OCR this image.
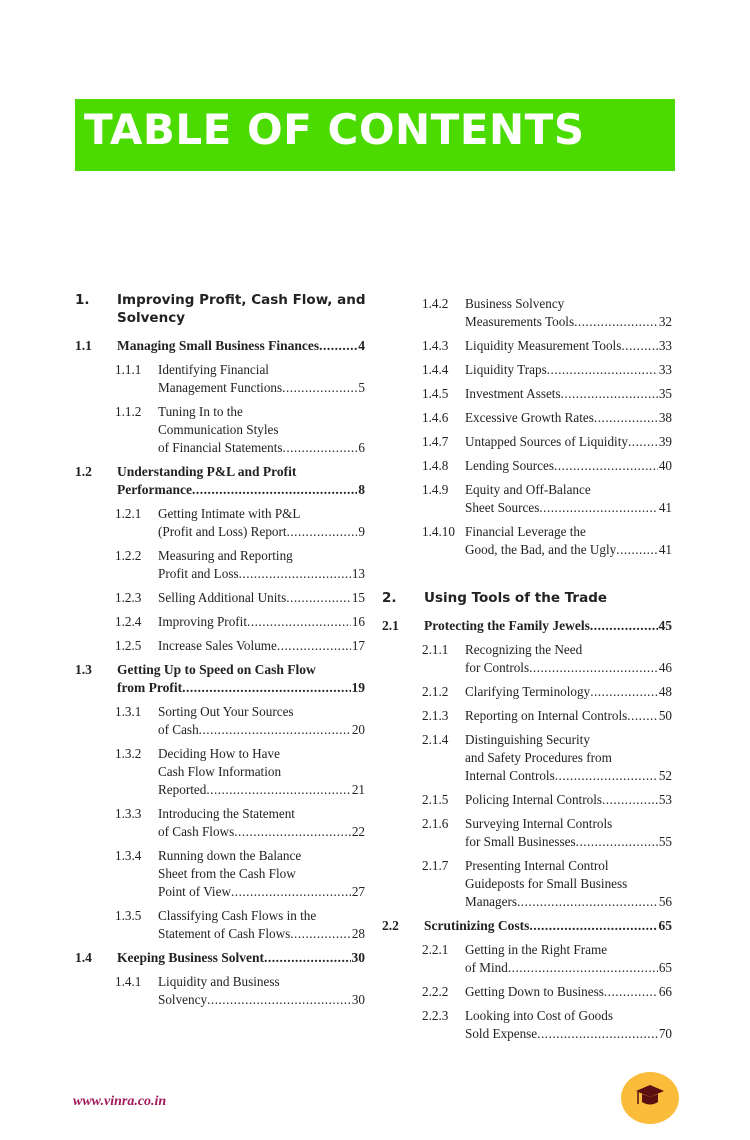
TABLE OF CONTENTS
1.	Improving Profit, Cash Flow, and
Solvency
1.1	Managing Small Business Finances .....	4
1.1.1	Identifying Financial
Management Functions .....	5
1.1.2	Tuning In to the
Communication Styles
of Financial Statements .....	6
1.2	Understanding P&L and Profit
Performance .....	8
1.2.1	Getting Intimate with P&L
(Profit and Loss) Report .....	9
1.2.2	Measuring and Reporting
Profit and Loss .....	13
1.2.3	Selling Additional Units .....	15
1.2.4	Improving Profit .....	16
1.2.5	Increase Sales Volume .....	17
1.3	Getting Up to Speed on Cash Flow
from Profit .....	19
1.3.1	Sorting Out Your Sources
of Cash .....	20
1.3.2	Deciding How to Have
Cash Flow Information
Reported .....	21
1.3.3	Introducing the Statement
of Cash Flows .....	22
1.3.4	Running down the Balance
Sheet from the Cash Flow
Point of View .....	27
1.3.5	Classifying Cash Flows in the
Statement of Cash Flows .....	28
1.4	Keeping Business Solvent .....	30
1.4.1	Liquidity and Business
Solvency .....	30
1.4.2	Business Solvency
Measurements Tools .....	32
1.4.3	Liquidity Measurement Tools .....	33
1.4.4	Liquidity Traps .....	33
1.4.5	Investment Assets .....	35
1.4.6	Excessive Growth Rates .....	38
1.4.7	Untapped Sources of Liquidity ..... 39
1.4.8	Lending Sources .....	40
1.4.9	Equity and Off-Balance
Sheet Sources .....	41
1.4.10 Financial Leverage the
Good, the Bad, and the Ugly .....	41
2.	Using Tools of the Trade
2.1	Protecting the Family Jewels .....	45
2.1.1	Recognizing the Need
for Controls .....	46
2.1.2	Clarifying Terminology .....	48
2.1.3	Reporting on Internal Controls ..... 50
2.1.4	Distinguishing Security
and Safety Procedures from
Internal Controls .....	52
2.1.5	Policing Internal Controls .....	53
2.1.6	Surveying Internal Controls
for Small Businesses .....	55
2.1.7	Presenting Internal Control
Guideposts for Small Business
Managers .....	56
2.2	Scrutinizing Costs .....	65
2.2.1	Getting in the Right Frame
of Mind .....	65
2.2.2	Getting Down to Business .....	66
2.2.3	Looking into Cost of Goods
Sold Expense .....	70
www.vinra.co.in
